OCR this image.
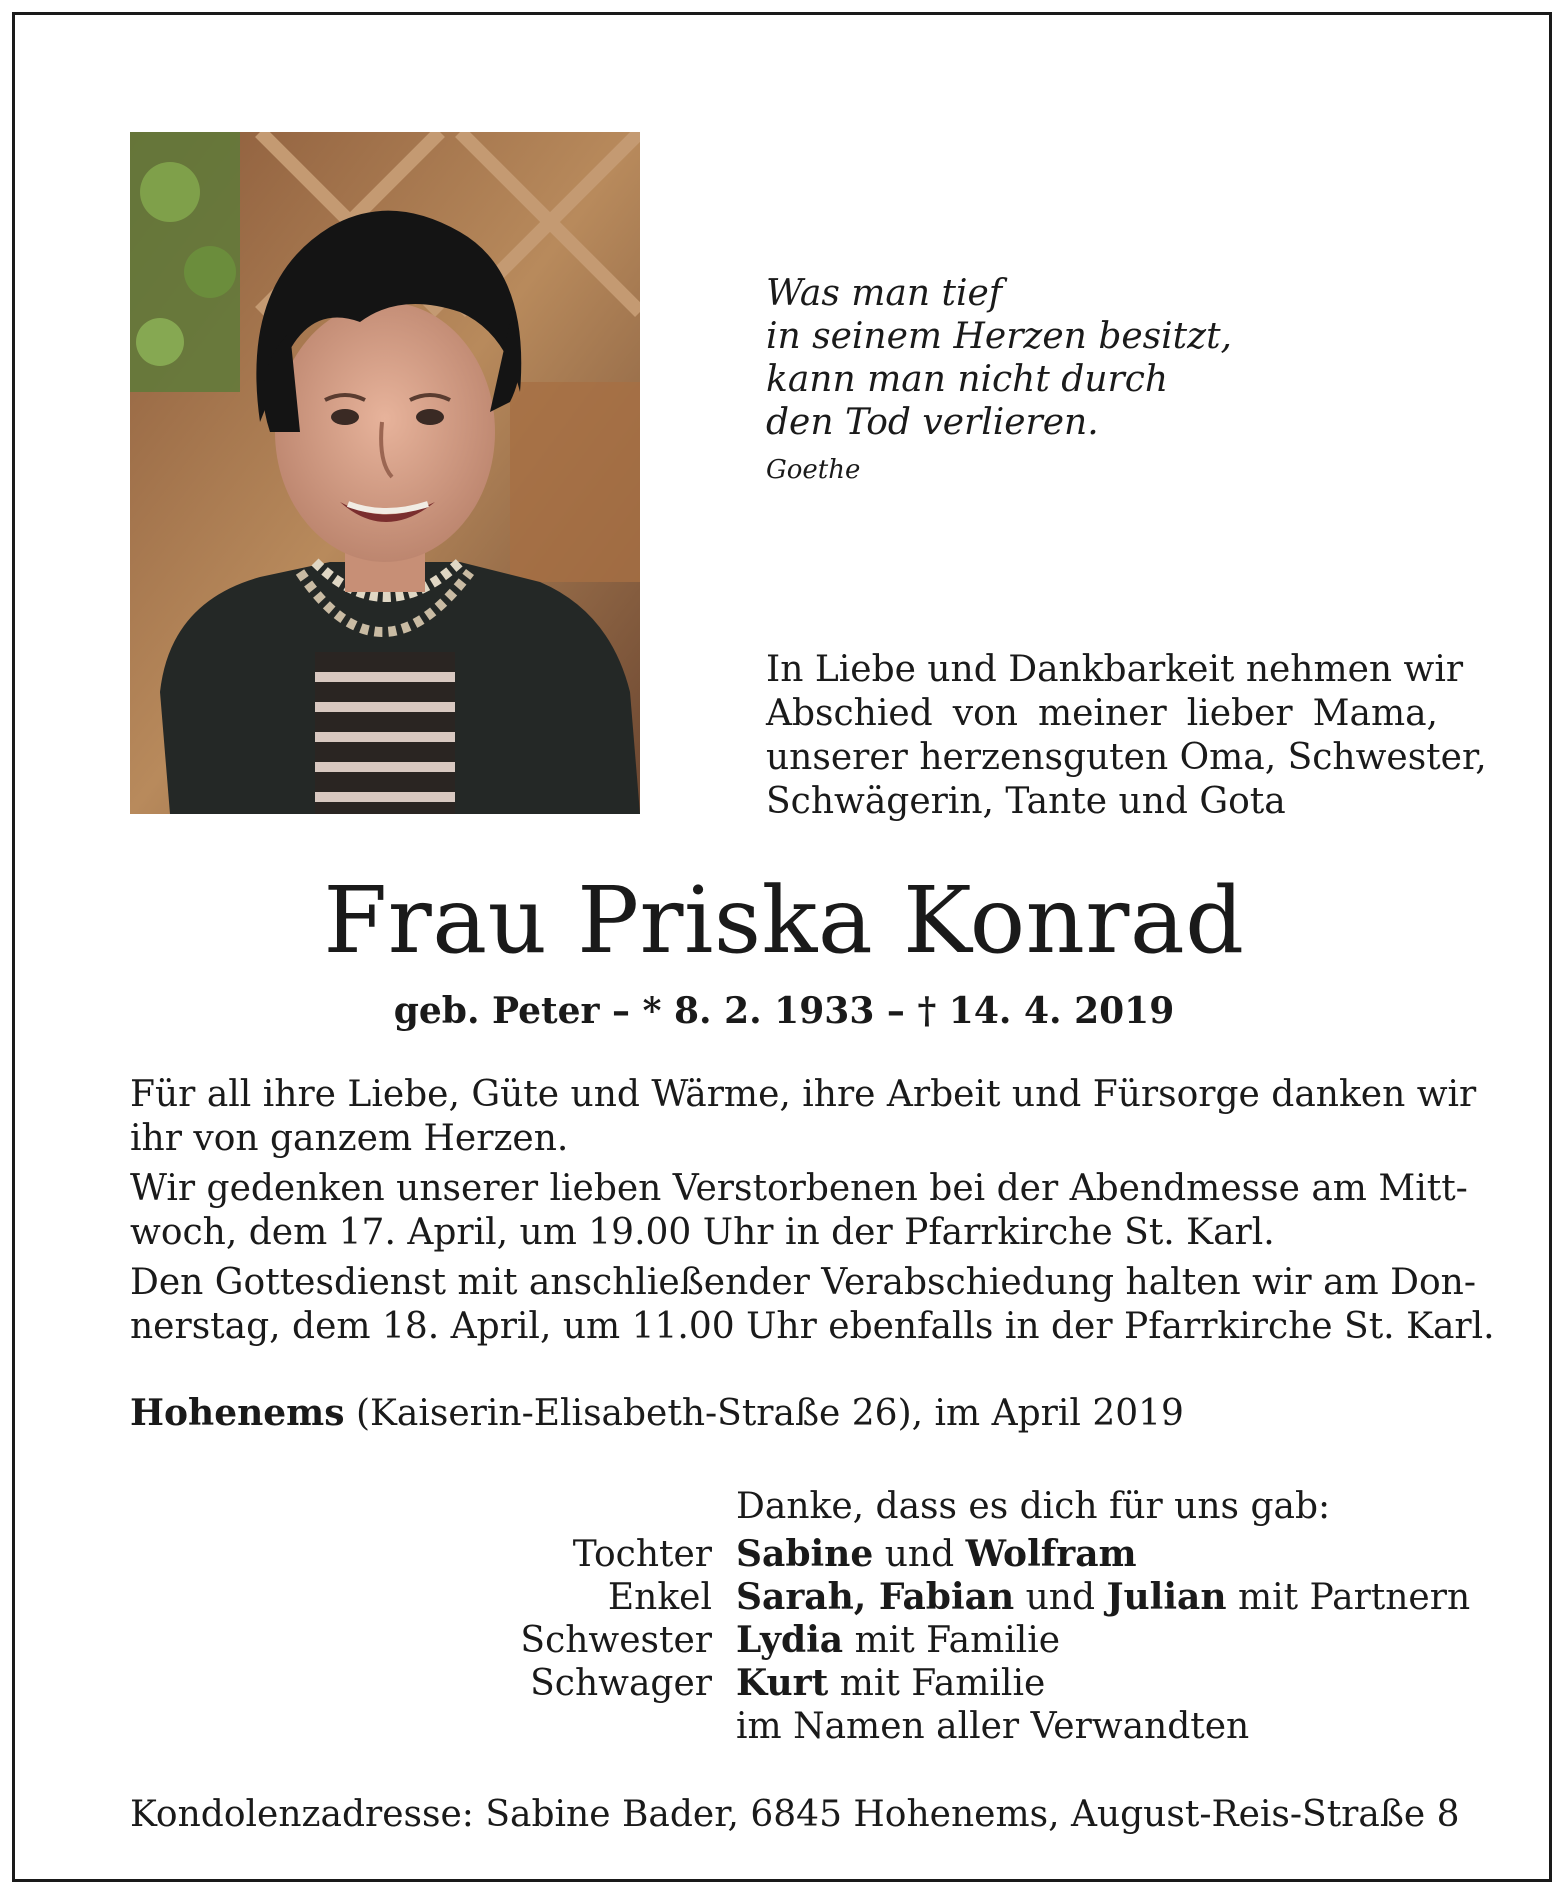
Was man tief
in seinem Herzen besitzt,
kann man nicht durch
den Tod verlieren.
Goethe
In Liebe und Dankbarkeit nehmen wir
Abschied von meiner lieber Mama,
unserer herzensguten Oma, Schwester,
Schwägerin, Tante und Gota
Frau Priska Konrad
geb. Peter – * 8. 2. 1933 – † 14. 4. 2019

Für all ihre Liebe, Güte und Wärme, ihre Arbeit und Fürsorge danken wir
ihr von ganzem Herzen.

Wir gedenken unserer lieben Verstorbenen bei der Abendmesse am Mitt-
woch, dem 17. April, um 19.00 Uhr in der Pfarrkirche St. Karl.

Den Gottesdienst mit anschließender Verabschiedung halten wir am Don-
nerstag, dem 18. April, um 11.00 Uhr ebenfalls in der Pfarrkirche St. Karl.

Hohenems (Kaiserin-Elisabeth-Straße 26), im April 2019
Danke, dass es dich für uns gab:
Tochter Sabine und Wolfram
Enkel Sarah, Fabian und Julian mit Partnern
Schwester Lydia mit Familie
Schwager Kurt mit Familie
im Namen aller Verwandten
Kondolenzadresse: Sabine Bader, 6845 Hohenems, August-Reis-Straße 8
